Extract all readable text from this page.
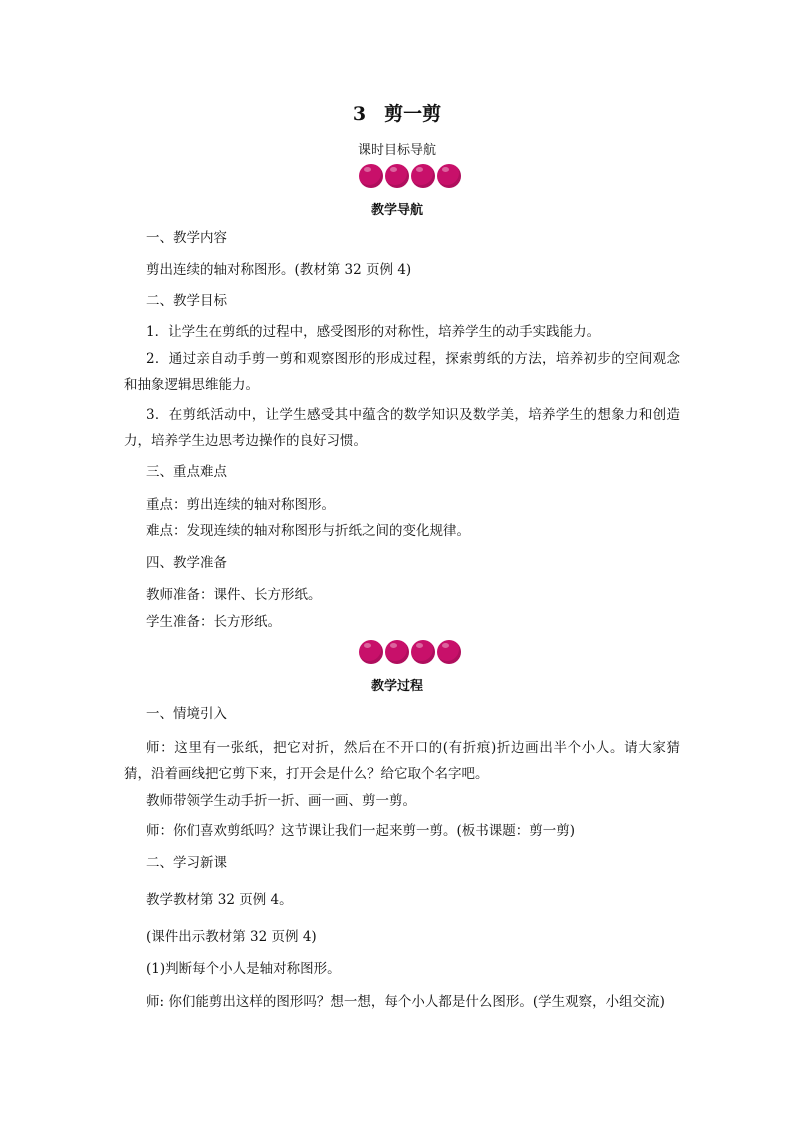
3 剪一剪
课时目标导航
教学导航
一、教学内容
剪出连续的轴对称图形。(教材第 32 页例 4)
二、教学目标
1．让学生在剪纸的过程中，感受图形的对称性，培养学生的动手实践能力。
2．通过亲自动手剪一剪和观察图形的形成过程，探索剪纸的方法，培养初步的空间观念和抽象逻辑思维能力。
3．在剪纸活动中，让学生感受其中蕴含的数学知识及数学美，培养学生的想象力和创造力，培养学生边思考边操作的良好习惯。
三、重点难点
重点：剪出连续的轴对称图形。
难点：发现连续的轴对称图形与折纸之间的变化规律。
四、教学准备
教师准备：课件、长方形纸。
学生准备：长方形纸。
教学过程
一、情境引入
师：这里有一张纸，把它对折，然后在不开口的(有折痕)折边画出半个小人。请大家猜猜，沿着画线把它剪下来，打开会是什么？给它取个名字吧。
教师带领学生动手折一折、画一画、剪一剪。
师：你们喜欢剪纸吗？这节课让我们一起来剪一剪。(板书课题：剪一剪)
二、学习新课
教学教材第 32 页例 4。
(课件出示教材第 32 页例 4)
(1)判断每个小人是轴对称图形。
师: 你们能剪出这样的图形吗？想一想，每个小人都是什么图形。(学生观察，小组交流)
